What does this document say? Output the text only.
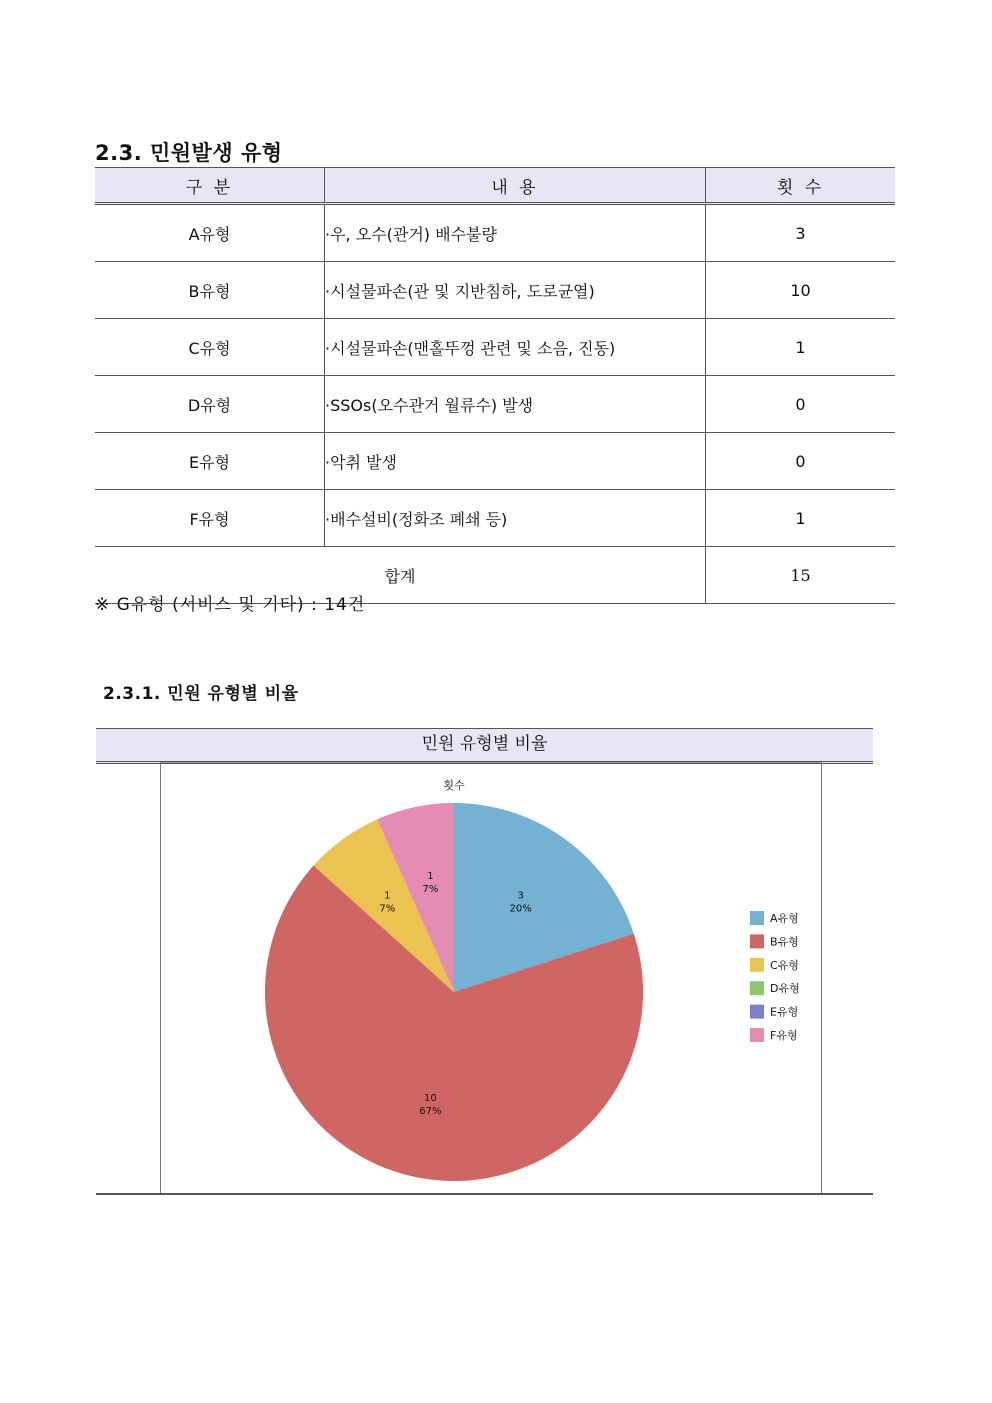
2.3. 민원발생 유형
구 분	내 용	횟 수
A유형	·우, 오수(관거) 배수불량	3
B유형	·시설물파손(관 및 지반침하, 도로균열)	10
C유형	·시설물파손(맨홀뚜껑 관련 및 소음, 진동)	1
D유형	·SSOs(오수관거 월류수) 발생	0
E유형	·악취 발생	0
F유형	·배수설비(정화조 폐쇄 등)	1
합계		15
※ G유형 (서비스 및 기타) : 14건
2.3.1. 민원 유형별 비율
민원 유형별 비율
횟수
3
20%
10
67%
1
7%
1
7%
A유형
B유형
C유형
D유형
E유형
F유형
